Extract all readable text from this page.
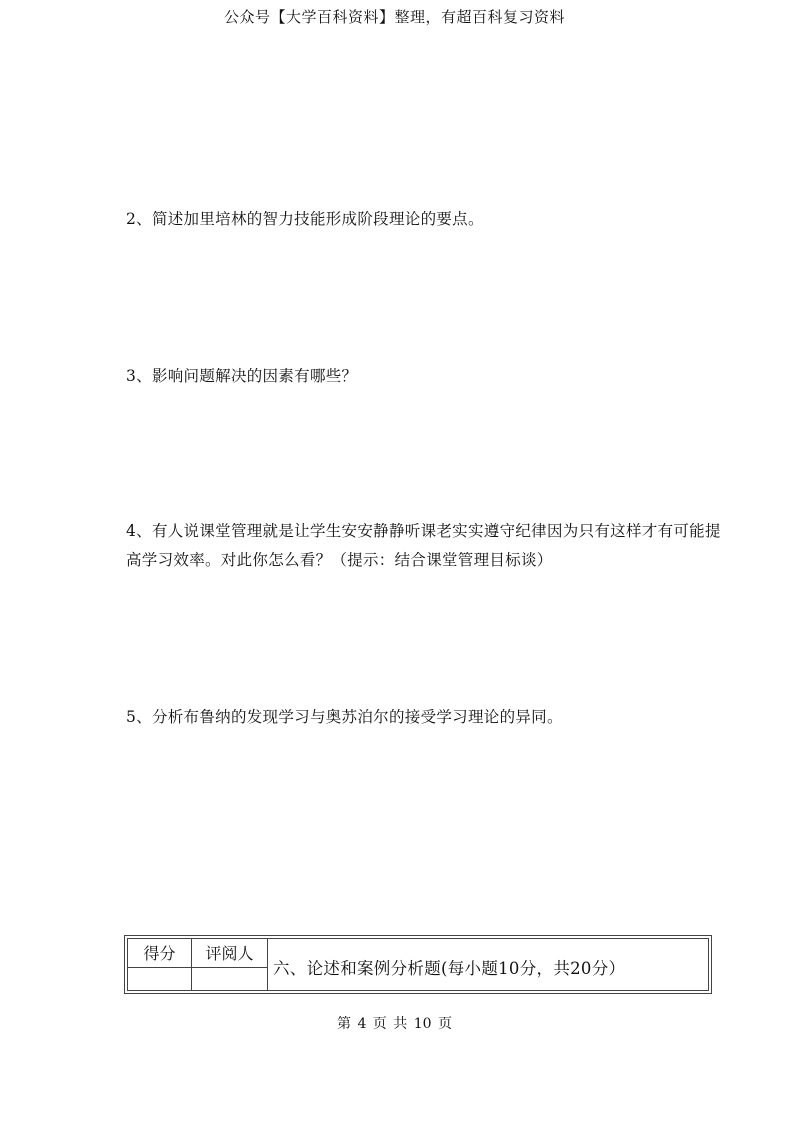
公众号【大学百科资料】整理，有超百科复习资料
2、简述加里培林的智力技能形成阶段理论的要点。
3、影响问题解决的因素有哪些？
4、有人说课堂管理就是让学生安安静静听课老实实遵守纪律因为只有这样才有可能提高学习效率。对此你怎么看？（提示：结合课堂管理目标谈）
5、分析布鲁纳的发现学习与奥苏泊尔的接受学习理论的异同。
得分	评阅人
六、论述和案例分析题(每小题10分，共20分）
第 4 页 共 10 页
